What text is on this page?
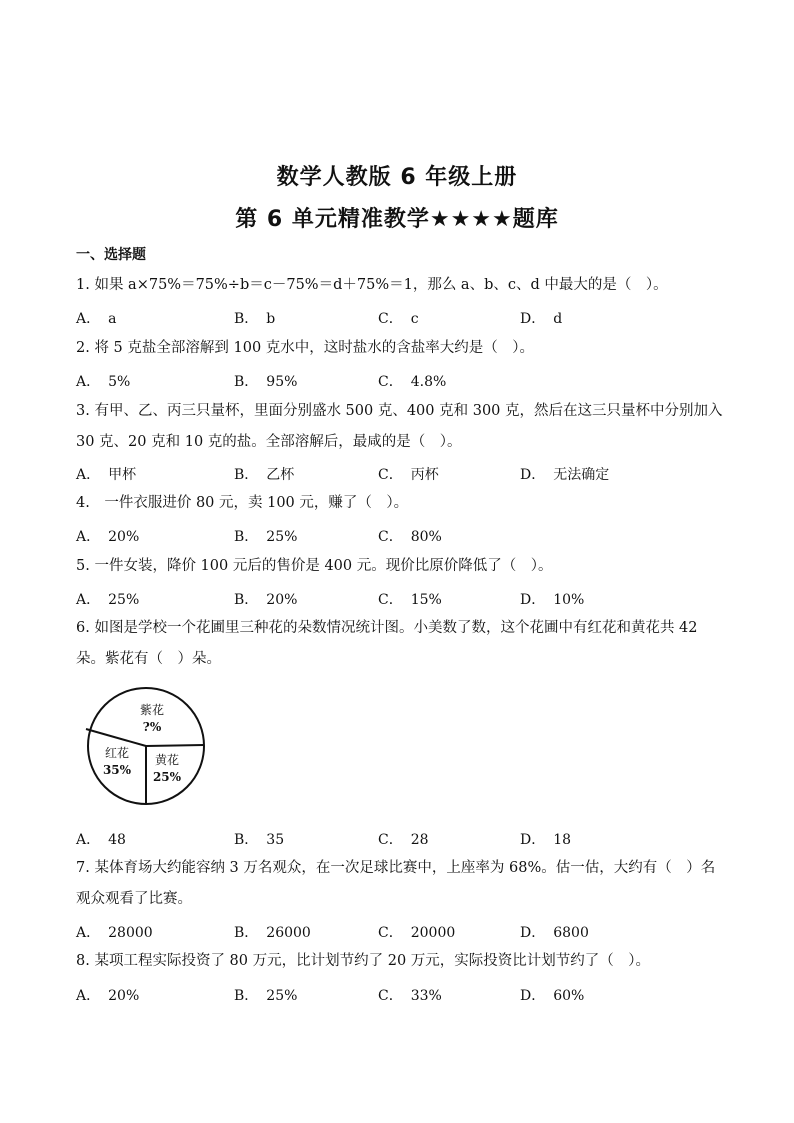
数学人教版 6 年级上册
第 6 单元精准教学★★★★题库
一、选择题
1. 如果 a×75%＝75%÷b＝c－75%＝d＋75%＝1，那么 a、b、c、d 中最大的是（　）。
A． a	B． b	C． c	D． d
2. 将 5 克盐全部溶解到 100 克水中，这时盐水的含盐率大约是（　）。
A． 5%	B． 95%	C． 4.8%
3. 有甲、乙、丙三只量杯，里面分别盛水 500 克、400 克和 300 克，然后在这三只量杯中分别加入 30 克、20 克和 10 克的盐。全部溶解后，最咸的是（　）。
A． 甲杯	B． 乙杯	C． 丙杯	D． 无法确定
4.　一件衣服进价 80 元，卖 100 元，赚了（　）。
A． 20%	B． 25%	C． 80%
5. 一件女装，降价 100 元后的售价是 400 元。现价比原价降低了（　）。
A． 25%	B． 20%	C． 15%	D． 10%
6. 如图是学校一个花圃里三种花的朵数情况统计图。小美数了数，这个花圃中有红花和黄花共 42 朵。紫花有（　）朵。
紫花
?%
红花
35%
黄花
25%
A． 48	B． 35	C． 28	D． 18
7. 某体育场大约能容纳 3 万名观众，在一次足球比赛中，上座率为 68%。估一估，大约有（　）名观众观看了比赛。
A． 28000	B． 26000	C． 20000	D． 6800
8. 某项工程实际投资了 80 万元，比计划节约了 20 万元，实际投资比计划节约了（　）。
A． 20%	B． 25%	C． 33%	D． 60%
